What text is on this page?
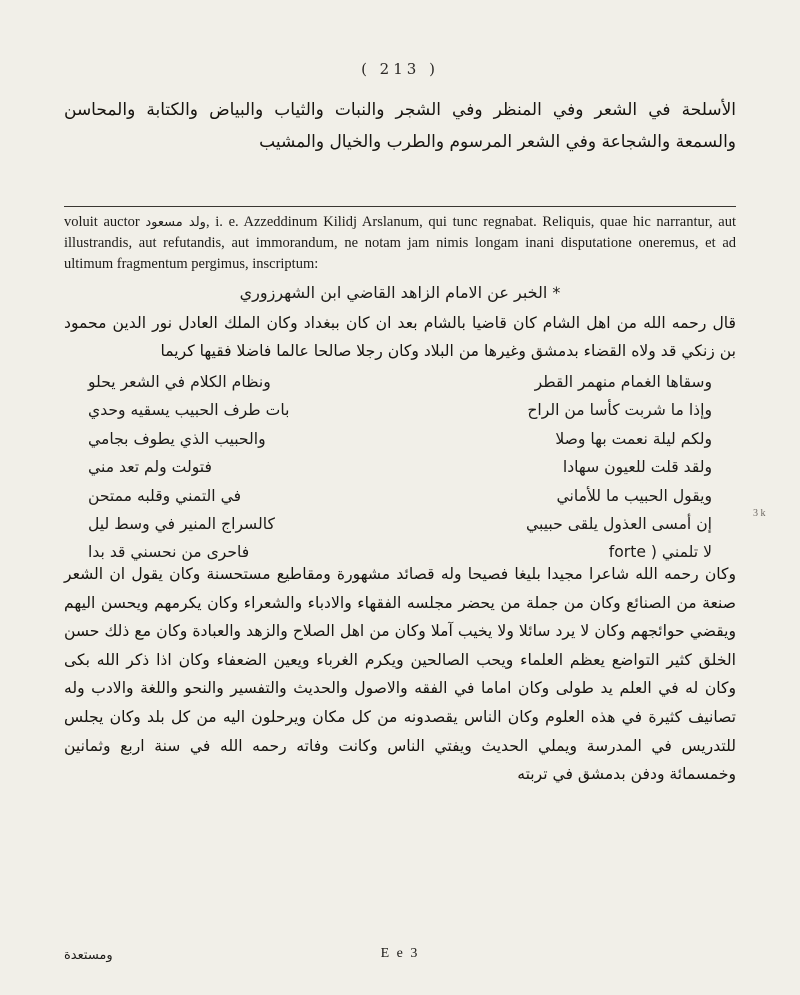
( 213 )
الأسلحة في الشعر وفي المنظر وفي الشجر والنبات والثياب والبياض والكتابة والمحاسن والسمعة والشجاعة وفي الشعر المرسوم والطرب والخيال والمشيب
voluit auctor ولد مسعود, i. e. Azzeddinum Kilidj Arslanum, qui tunc regnabat. Reliquis, quae hic narrantur, aut illustrandis, aut refutandis, aut immorandum, ne notam jam nimis longam inani disputatione oneremus, et ad ultimum fragmentum pergimus, inscriptum:
* الخبر عن الامام الزاهد القاضي ابن الشهرزوري
قال رحمه الله من اهل الشام كان قاضيا بالشام بعد ان كان ببغداد وكان الملك العادل نور الدين محمود بن زنكي قد ولاه القضاء بدمشق وغيرها من البلاد وكان رجلا صالحا عالما فاضلا فقيها كريما
وسقاها الغمام منهمر القطر
ونظام الكلام في الشعر يحلو
وإذا ما شربت كأسا من الراح
بات طرف الحبيب يسقيه وحدي
ولكم ليلة نعمت بها وصلا
والحبيب الذي يطوف بجامي
ولقد قلت للعيون سهادا
فتولت ولم تعد مني
ويقول الحبيب ما للأماني
في التمني وقلبه ممتحن
إن أمسى العذول يلقى حبيبي
كالسراج المنير في وسط ليل
لا تلمني ( forte
فاحرى من نحسني قد بدا
3 k
وكان رحمه الله شاعرا مجيدا بليغا فصيحا وله قصائد مشهورة ومقاطيع مستحسنة وكان يقول ان الشعر صنعة من الصنائع وكان من جملة من يحضر مجلسه الفقهاء والادباء والشعراء وكان يكرمهم ويحسن اليهم ويقضي حوائجهم وكان لا يرد سائلا ولا يخيب آملا وكان من اهل الصلاح والزهد والعبادة وكان مع ذلك حسن الخلق كثير التواضع يعظم العلماء ويحب الصالحين ويكرم الغرباء ويعين الضعفاء وكان اذا ذكر الله بكى وكان له في العلم يد طولى وكان اماما في الفقه والاصول والحديث والتفسير والنحو واللغة والادب وله تصانيف كثيرة في هذه العلوم وكان الناس يقصدونه من كل مكان ويرحلون اليه من كل بلد وكان يجلس للتدريس في المدرسة ويملي الحديث ويفتي الناس وكانت وفاته رحمه الله في سنة اربع وثمانين وخمسمائة ودفن بدمشق في تربته
ومستعدة	E e 3
